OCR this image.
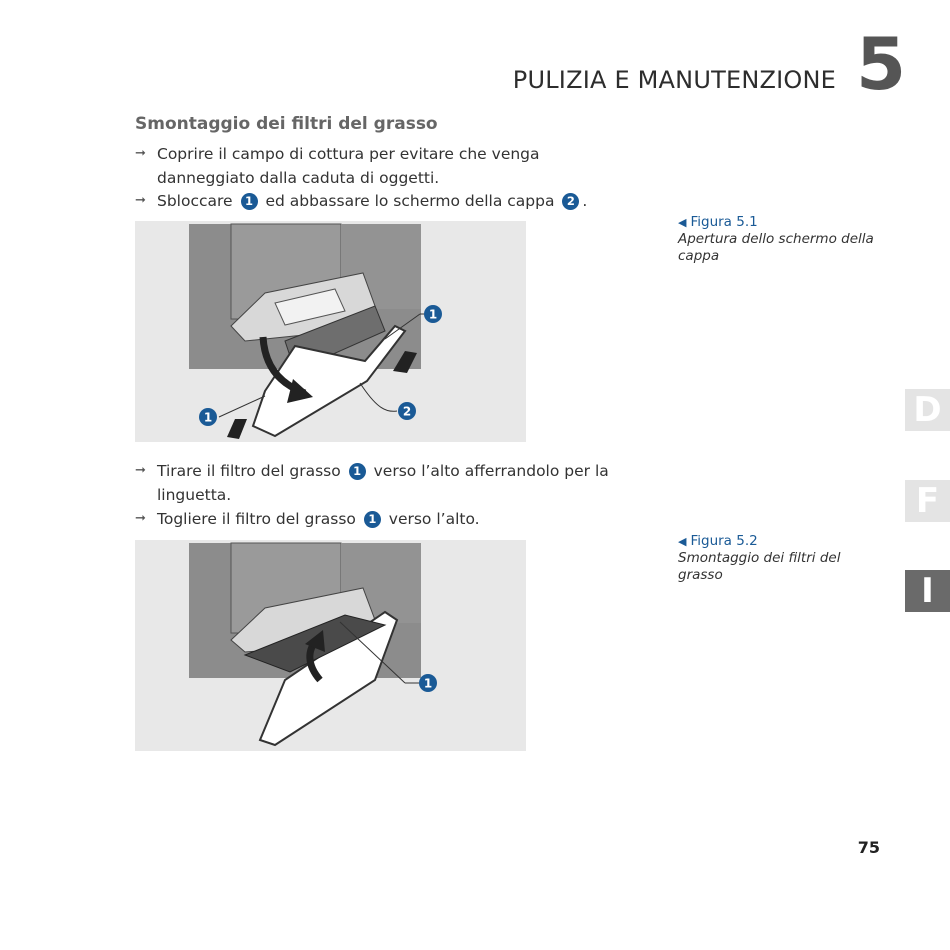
PULIZIA E MANUTENZIONE 5
Smontaggio dei filtri del grasso
➞ Coprire il campo di cottura per evitare che venga danneggiato dalla caduta di oggetti.
➞ Sbloccare 1 ed abbassare lo schermo della cappa 2 .
1
1	2
◀ Figura 5.1
Apertura dello schermo della cappa
➞ Tirare il filtro del grasso 1 verso l’alto afferrandolo per la linguetta.
➞ Togliere il filtro del grasso 1 verso l’alto.
1
◀ Figura 5.2
Smontaggio dei filtri del grasso
D
F
I
75
